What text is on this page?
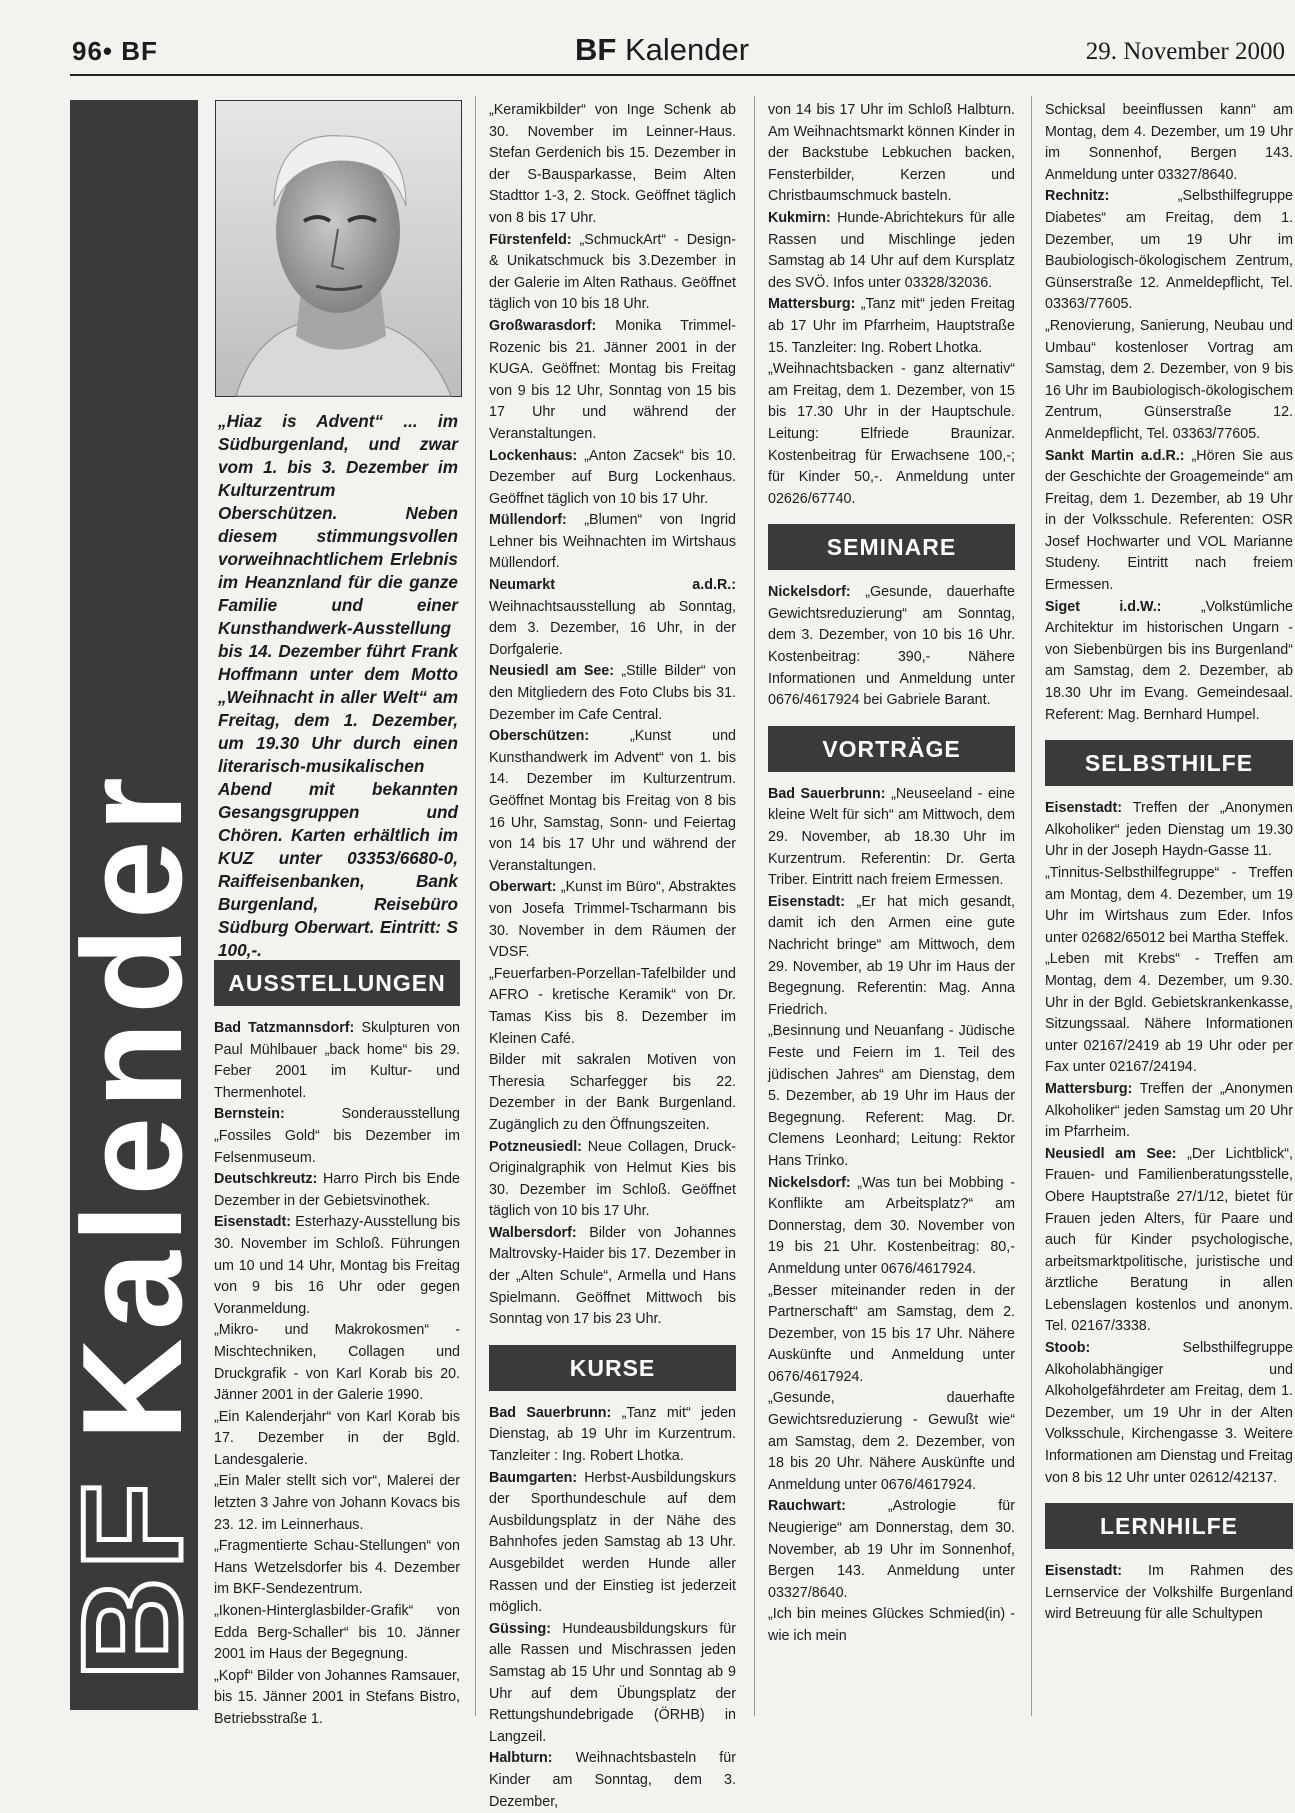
96• BF	BF Kalender	29. November 2000
BFKalender
„Hiaz is Advent“ ... im Südburgenland, und zwar vom 1. bis 3. Dezember im Kulturzentrum Oberschützen. Neben diesem stimmungsvollen vorweihnachtlichem Erlebnis im Heanznland für die ganze Familie und einer Kunsthandwerk-Ausstellung bis 14. Dezember führt Frank Hoffmann unter dem Motto „Weihnacht in aller Welt“ am Freitag, dem 1. Dezember, um 19.30 Uhr durch einen literarisch-musikalischen Abend mit bekannten Gesangsgruppen und Chören. Karten erhältlich im KUZ unter 03353/6680-0, Raiffeisenbanken, Bank Burgenland, Reisebüro Südburg Oberwart. Eintritt: S 100,-.
AUSSTELLUNGEN

Bad Tatzmannsdorf: Skulpturen von Paul Mühlbauer „back home“ bis 29. Feber 2001 im Kultur- und Thermenhotel.

Bernstein: Sonderausstellung „Fossiles Gold“ bis Dezember im Felsenmuseum.

Deutschkreutz: Harro Pirch bis Ende Dezember in der Gebietsvinothek.

Eisenstadt: Esterhazy-Ausstellung bis 30. November im Schloß. Führungen um 10 und 14 Uhr, Montag bis Freitag von 9 bis 16 Uhr oder gegen Voranmeldung.

„Mikro- und Makrokosmen“ - Mischtechniken, Collagen und Druckgrafik - von Karl Korab bis 20. Jänner 2001 in der Galerie 1990.

„Ein Kalenderjahr“ von Karl Korab bis 17. Dezember in der Bgld. Landesgalerie.

„Ein Maler stellt sich vor“, Malerei der letzten 3 Jahre von Johann Kovacs bis 23. 12. im Leinnerhaus.

„Fragmentierte Schau-Stellungen“ von Hans Wetzelsdorfer bis 4. Dezember im BKF-Sendezentrum.

„Ikonen-Hinterglasbilder-Grafik“ von Edda Berg-Schaller“ bis 10. Jänner 2001 im Haus der Begegnung.

„Kopf“ Bilder von Johannes Ramsauer, bis 15. Jänner 2001 in Stefans Bistro, Betriebsstraße 1.

„Keramikbilder“ von Inge Schenk ab 30. November im Leinner-Haus. Stefan Gerdenich bis 15. Dezember in der S-Bausparkasse, Beim Alten Stadttor 1-3, 2. Stock. Geöffnet täglich von 8 bis 17 Uhr.

Fürstenfeld: „SchmuckArt“ - Design- & Unikatschmuck bis 3.Dezember in der Galerie im Alten Rathaus. Geöffnet täglich von 10 bis 18 Uhr.

Großwarasdorf: Monika Trimmel-Rozenic bis 21. Jänner 2001 in der KUGA. Geöffnet: Montag bis Freitag von 9 bis 12 Uhr, Sonntag von 15 bis 17 Uhr und während der Veranstaltungen.

Lockenhaus: „Anton Zacsek“ bis 10. Dezember auf Burg Lockenhaus. Geöffnet täglich von 10 bis 17 Uhr.

Müllendorf: „Blumen“ von Ingrid Lehner bis Weihnachten im Wirtshaus Müllendorf.

Neumarkt a.d.R.: Weihnachtsausstellung ab Sonntag, dem 3. Dezember, 16 Uhr, in der Dorfgalerie.

Neusiedl am See: „Stille Bilder“ von den Mitgliedern des Foto Clubs bis 31. Dezember im Cafe Central.

Oberschützen: „Kunst und Kunsthandwerk im Advent“ von 1. bis 14. Dezember im Kulturzentrum. Geöffnet Montag bis Freitag von 8 bis 16 Uhr, Samstag, Sonn- und Feiertag von 14 bis 17 Uhr und während der Veranstaltungen.

Oberwart: „Kunst im Büro“, Abstraktes von Josefa Trimmel-Tscharmann bis 30. November in dem Räumen der VDSF.

„Feuerfarben-Porzellan-Tafelbilder und AFRO - kretische Keramik“ von Dr. Tamas Kiss bis 8. Dezember im Kleinen Café.

Bilder mit sakralen Motiven von Theresia Scharfegger bis 22. Dezember in der Bank Burgenland. Zugänglich zu den Öffnungszeiten.

Potzneusiedl: Neue Collagen, Druck- Originalgraphik von Helmut Kies bis 30. Dezember im Schloß. Geöffnet täglich von 10 bis 17 Uhr.

Walbersdorf: Bilder von Johannes Maltrovsky-Haider bis 17. Dezember in der „Alten Schule“, Armella und Hans Spielmann. Geöffnet Mittwoch bis Sonntag von 17 bis 23 Uhr.

KURSE

Bad Sauerbrunn: „Tanz mit“ jeden Dienstag, ab 19 Uhr im Kurzentrum. Tanzleiter : Ing. Robert Lhotka.

Baumgarten: Herbst-Ausbildungskurs der Sporthundeschule auf dem Ausbildungsplatz in der Nähe des Bahnhofes jeden Samstag ab 13 Uhr. Ausgebildet werden Hunde aller Rassen und der Einstieg ist jederzeit möglich.

Güssing: Hundeausbildungskurs für alle Rassen und Mischrassen jeden Samstag ab 15 Uhr und Sonntag ab 9 Uhr auf dem Übungsplatz der Rettungshundebrigade (ÖRHB) in Langzeil.

Halbturn: Weihnachtsbasteln für Kinder am Sonntag, dem 3. Dezember,

von 14 bis 17 Uhr im Schloß Halbturn. Am Weihnachtsmarkt können Kinder in der Backstube Lebkuchen backen, Fensterbilder, Kerzen und Christbaumschmuck basteln.

Kukmirn: Hunde-Abrichtekurs für alle Rassen und Mischlinge jeden Samstag ab 14 Uhr auf dem Kursplatz des SVÖ. Infos unter 03328/32036.

Mattersburg: „Tanz mit“ jeden Freitag ab 17 Uhr im Pfarrheim, Hauptstraße 15. Tanzleiter: Ing. Robert Lhotka.

„Weihnachtsbacken - ganz alternativ“ am Freitag, dem 1. Dezember, von 15 bis 17.30 Uhr in der Hauptschule. Leitung: Elfriede Braunizar. Kostenbeitrag für Erwachsene 100,-; für Kinder 50,-. Anmeldung unter 02626/67740.

SEMINARE

Nickelsdorf: „Gesunde, dauerhafte Gewichtsreduzierung“ am Sonntag, dem 3. Dezember, von 10 bis 16 Uhr. Kostenbeitrag: 390,- Nähere Informationen und Anmeldung unter 0676/4617924 bei Gabriele Barant.

VORTRÄGE

Bad Sauerbrunn: „Neuseeland - eine kleine Welt für sich“ am Mittwoch, dem 29. November, ab 18.30 Uhr im Kurzentrum. Referentin: Dr. Gerta Triber. Eintritt nach freiem Ermessen.

Eisenstadt: „Er hat mich gesandt, damit ich den Armen eine gute Nachricht bringe“ am Mittwoch, dem 29. November, ab 19 Uhr im Haus der Begegnung. Referentin: Mag. Anna Friedrich.

„Besinnung und Neuanfang - Jüdische Feste und Feiern im 1. Teil des jüdischen Jahres“ am Dienstag, dem 5. Dezember, ab 19 Uhr im Haus der Begegnung. Referent: Mag. Dr. Clemens Leonhard; Leitung: Rektor Hans Trinko.

Nickelsdorf: „Was tun bei Mobbing - Konflikte am Arbeitsplatz?“ am Donnerstag, dem 30. November von 19 bis 21 Uhr. Kostenbeitrag: 80,- Anmeldung unter 0676/4617924.

„Besser miteinander reden in der Partnerschaft“ am Samstag, dem 2. Dezember, von 15 bis 17 Uhr. Nähere Auskünfte und Anmeldung unter 0676/4617924.

„Gesunde, dauerhafte Gewichtsreduzierung - Gewußt wie“ am Samstag, dem 2. Dezember, von 18 bis 20 Uhr. Nähere Auskünfte und Anmeldung unter 0676/4617924.

Rauchwart: „Astrologie für Neugierige“ am Donnerstag, dem 30. November, ab 19 Uhr im Sonnenhof, Bergen 143. Anmeldung unter 03327/8640.

„Ich bin meines Glückes Schmied(in) - wie ich mein

Schicksal beeinflussen kann“ am Montag, dem 4. Dezember, um 19 Uhr im Sonnenhof, Bergen 143. Anmeldung unter 03327/8640.

Rechnitz: „Selbsthilfegruppe Diabetes“ am Freitag, dem 1. Dezember, um 19 Uhr im Baubiologisch-ökologischem Zentrum, Günserstraße 12. Anmeldepflicht, Tel. 03363/77605.

„Renovierung, Sanierung, Neubau und Umbau“ kostenloser Vortrag am Samstag, dem 2. Dezember, von 9 bis 16 Uhr im Baubiologisch-ökologischem Zentrum, Günserstraße 12. Anmeldepflicht, Tel. 03363/77605.

Sankt Martin a.d.R.: „Hören Sie aus der Geschichte der Groagemeinde“ am Freitag, dem 1. Dezember, ab 19 Uhr in der Volksschule. Referenten: OSR Josef Hochwarter und VOL Marianne Studeny. Eintritt nach freiem Ermessen.

Siget i.d.W.: „Volkstümliche Architektur im historischen Ungarn - von Siebenbürgen bis ins Burgenland“ am Samstag, dem 2. Dezember, ab 18.30 Uhr im Evang. Gemeindesaal. Referent: Mag. Bernhard Humpel.

SELBSTHILFE

Eisenstadt: Treffen der „Anonymen Alkoholiker“ jeden Dienstag um 19.30 Uhr in der Joseph Haydn-Gasse 11.

„Tinnitus-Selbsthilfegruppe“ - Treffen am Montag, dem 4. Dezember, um 19 Uhr im Wirtshaus zum Eder. Infos unter 02682/65012 bei Martha Steffek.

„Leben mit Krebs“ - Treffen am Montag, dem 4. Dezember, um 9.30. Uhr in der Bgld. Gebietskrankenkasse, Sitzungssaal. Nähere Informationen unter 02167/2419 ab 19 Uhr oder per Fax unter 02167/24194.

Mattersburg: Treffen der „Anonymen Alkoholiker“ jeden Samstag um 20 Uhr im Pfarrheim.

Neusiedl am See: „Der Lichtblick“, Frauen- und Familienberatungsstelle, Obere Hauptstraße 27/1/12, bietet für Frauen jeden Alters, für Paare und auch für Kinder psychologische, arbeitsmarktpolitische, juristische und ärztliche Beratung in allen Lebenslagen kostenlos und anonym. Tel. 02167/3338.

Stoob: Selbsthilfegruppe Alkoholabhängiger und Alkoholgefährdeter am Freitag, dem 1. Dezember, um 19 Uhr in der Alten Volksschule, Kirchengasse 3. Weitere Informationen am Dienstag und Freitag von 8 bis 12 Uhr unter 02612/42137.

LERNHILFE

Eisenstadt: Im Rahmen des Lernservice der Volkshilfe Burgenland wird Betreuung für alle Schultypen
